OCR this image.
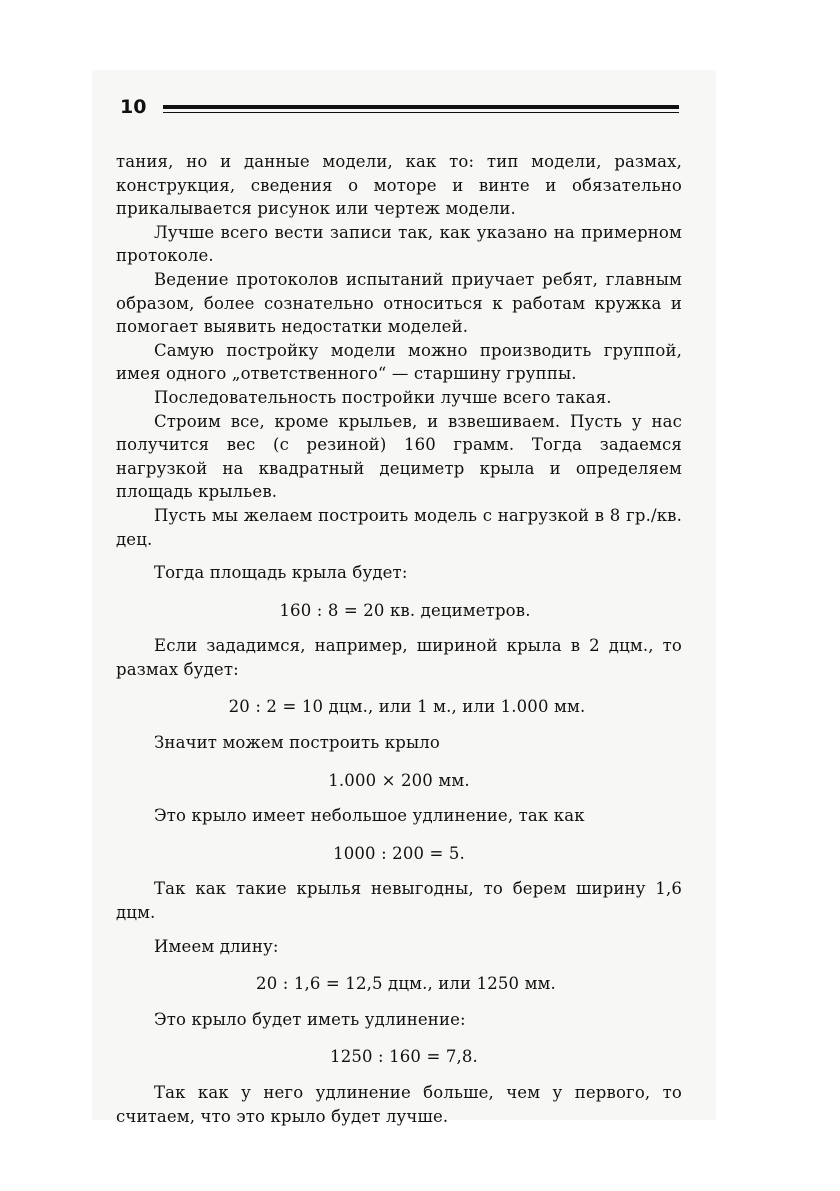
10

тания, но и данные модели, как то: тип модели, размах, конструкция, сведения о моторе и винте и обязательно прикалывается рисунок или чертеж модели.

Лучше всего вести записи так, как указано на примерном протоколе.

Ведение протоколов испытаний приучает ребят, главным образом, более сознательно относиться к работам кружка и помогает выявить недостатки моделей.

Самую постройку модели можно производить группой, имея одного „ответственного“ — старшину группы.

Последовательность постройки лучше всего такая.

Строим все, кроме крыльев, и взвешиваем. Пусть у нас получится вес (с резиной) 160 грамм. Тогда задаемся нагрузкой на квадратный дециметр крыла и определяем площадь крыльев.

Пусть мы желаем построить модель с нагрузкой в 8 гр./кв. дец.

Тогда площадь крыла будет:

160 : 8 = 20 кв. дециметров.

Если зададимся, например, шириной крыла в 2 дцм., то размах будет:

20 : 2 = 10 дцм., или 1 м., или 1.000 мм.

Значит можем построить крыло

1.000 × 200 мм.

Это крыло имеет небольшое удлинение, так как

1000 : 200 = 5.

Так как такие крылья невыгодны, то берем ширину 1,6 дцм.

Имеем длину:

20 : 1,6 = 12,5 дцм., или 1250 мм.

Это крыло будет иметь удлинение:

1250 : 160 = 7,8.

Так как у него удлинение больше, чем у первого, то считаем, что это крыло будет лучше.
